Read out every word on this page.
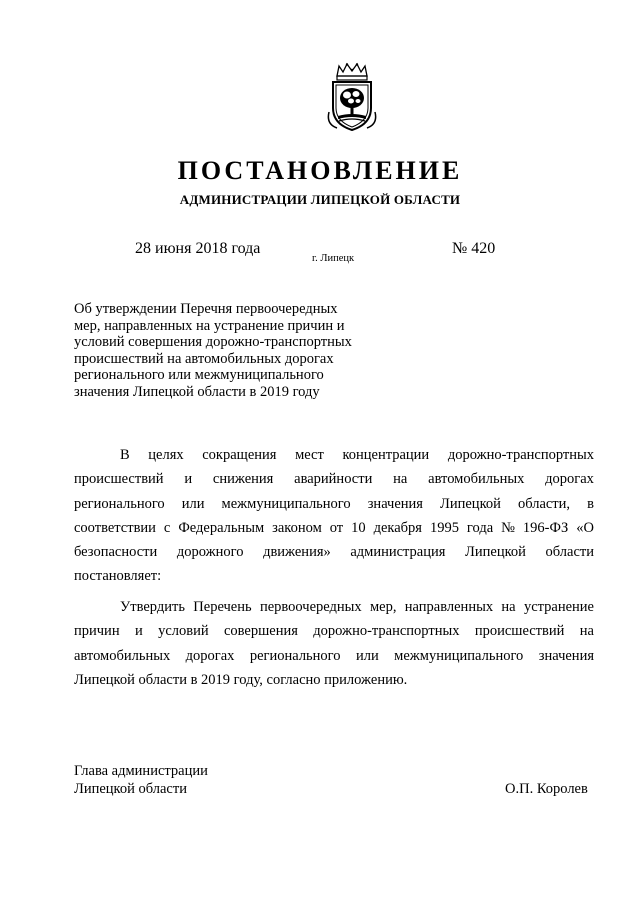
ПОСТАНОВЛЕНИЕ
АДМИНИСТРАЦИИ ЛИПЕЦКОЙ ОБЛАСТИ
28 июня 2018 года
г. Липецк
№ 420
Об утверждении Перечня первоочередных
мер, направленных на устранение причин и
условий совершения дорожно-транспортных
происшествий на автомобильных дорогах
регионального или межмуниципального
значения Липецкой области в 2019 году
В целях сокращения мест концентрации дорожно-транспортных
происшествий и снижения аварийности на автомобильных дорогах
регионального или межмуниципального значения Липецкой области, в
соответствии с Федеральным законом от 10 декабря 1995 года № 196-ФЗ «О
безопасности дорожного движения» администрация Липецкой области
постановляет:
Утвердить Перечень первоочередных мер, направленных на устранение
причин и условий совершения дорожно-транспортных происшествий на
автомобильных дорогах регионального или межмуниципального значения
Липецкой области в 2019 году, согласно приложению.
Глава администрации
Липецкой области	О.П. Королев
